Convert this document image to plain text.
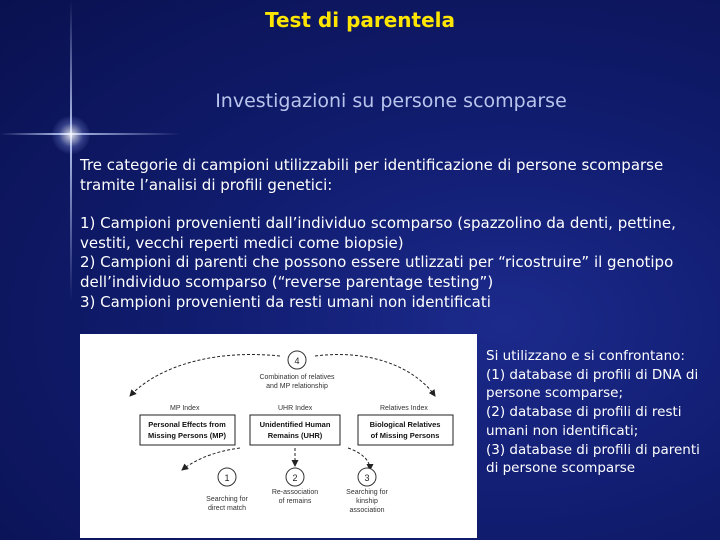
Test di parentela
Investigazioni su persone scomparse

Tre categorie di campioni utilizzabili per identificazione di persone scomparse

tramite l’analisi di profili genetici:

1) Campioni provenienti dall’individuo scomparso (spazzolino da denti, pettine,

vestiti, vecchi reperti medici come biopsie)

2) Campioni di parenti che possono essere utlizzati per “ricostruire” il genotipo

dell’individuo scomparso (“reverse parentage testing”)

3) Campioni provenienti da resti umani non identificati

4
Combination of relatives
and MP relationship
MP Index	UHR Index	Relatives Index
Personal Effects from
Missing Persons (MP)
Unidentified Human
Remains (UHR)
Biological Relatives
of Missing Persons
1	2	3
Searching for
direct match
Re-association
of remains
Searching for
kinship
association

Si utilizzano e si confrontano:

(1) database di profili di DNA di

persone scomparse;

(2) database di profili di resti

umani non identificati;

(3) database di profili di parenti

di persone scomparse
